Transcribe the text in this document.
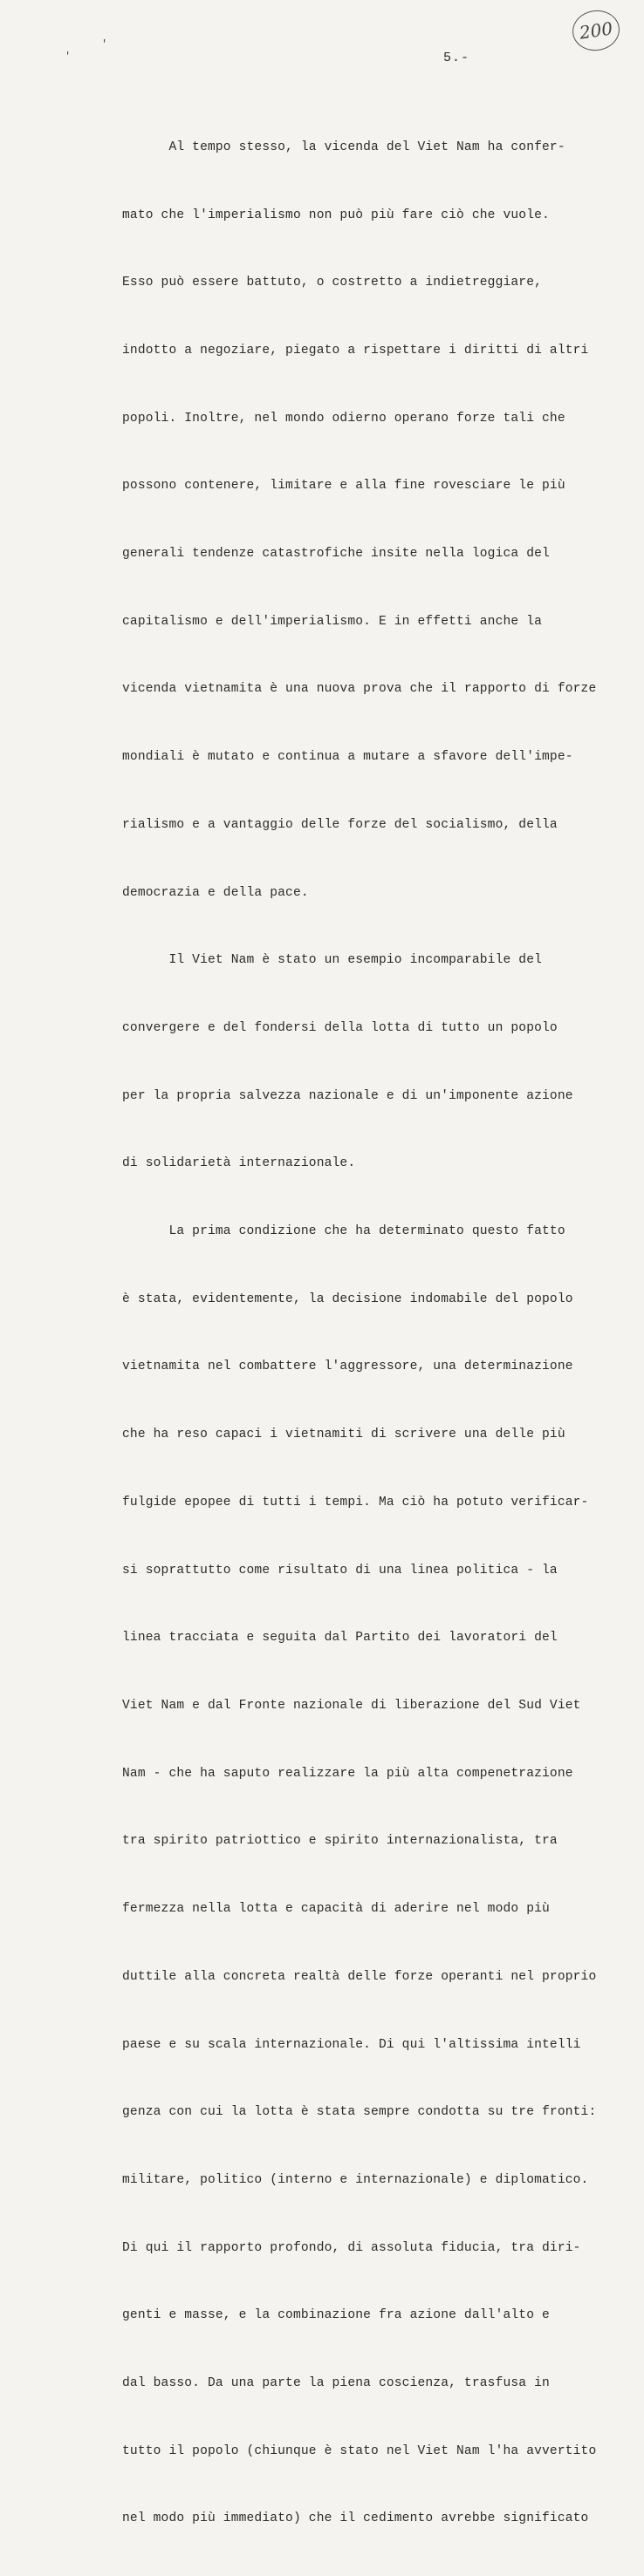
200
'
'
5.-

Al tempo stesso, la vicenda del Viet Nam ha confer-

mato che l'imperialismo non può più fare ciò che vuole.

Esso può essere battuto, o costretto a indietreggiare,

indotto a negoziare, piegato a rispettare i diritti di altri

popoli. Inoltre, nel mondo odierno operano forze tali che

possono contenere, limitare e alla fine rovesciare le più

generali tendenze catastrofiche insite nella logica del

capitalismo e dell'imperialismo. E in effetti anche la

vicenda vietnamita è una nuova prova che il rapporto di forze

mondiali è mutato e continua a mutare a sfavore dell'impe-

rialismo e a vantaggio delle forze del socialismo, della

democrazia e della pace.

Il Viet Nam è stato un esempio incomparabile del

convergere e del fondersi della lotta di tutto un popolo

per la propria salvezza nazionale e di un'imponente azione

di solidarietà internazionale.

La prima condizione che ha determinato questo fatto

è stata, evidentemente, la decisione indomabile del popolo

vietnamita nel combattere l'aggressore, una determinazione

che ha reso capaci i vietnamiti di scrivere una delle più

fulgide epopee di tutti i tempi. Ma ciò ha potuto verificar-

si soprattutto come risultato di una linea politica - la

linea tracciata e seguita dal Partito dei lavoratori del

Viet Nam e dal Fronte nazionale di liberazione del Sud Viet

Nam - che ha saputo realizzare la più alta compenetrazione

tra spirito patriottico e spirito internazionalista, tra

fermezza nella lotta e capacità di aderire nel modo più

duttile alla concreta realtà delle forze operanti nel proprio

paese e su scala internazionale. Di qui l'altissima intelli

genza con cui la lotta è stata sempre condotta su tre fronti:

militare, politico (interno e internazionale) e diplomatico.

Di qui il rapporto profondo, di assoluta fiducia, tra diri-

genti e masse, e la combinazione fra azione dall'alto e

dal basso. Da una parte la piena coscienza, trasfusa in

tutto il popolo (chiunque è stato nel Viet Nam l'ha avvertito

nel modo più immediato) che il cedimento avrebbe significato
